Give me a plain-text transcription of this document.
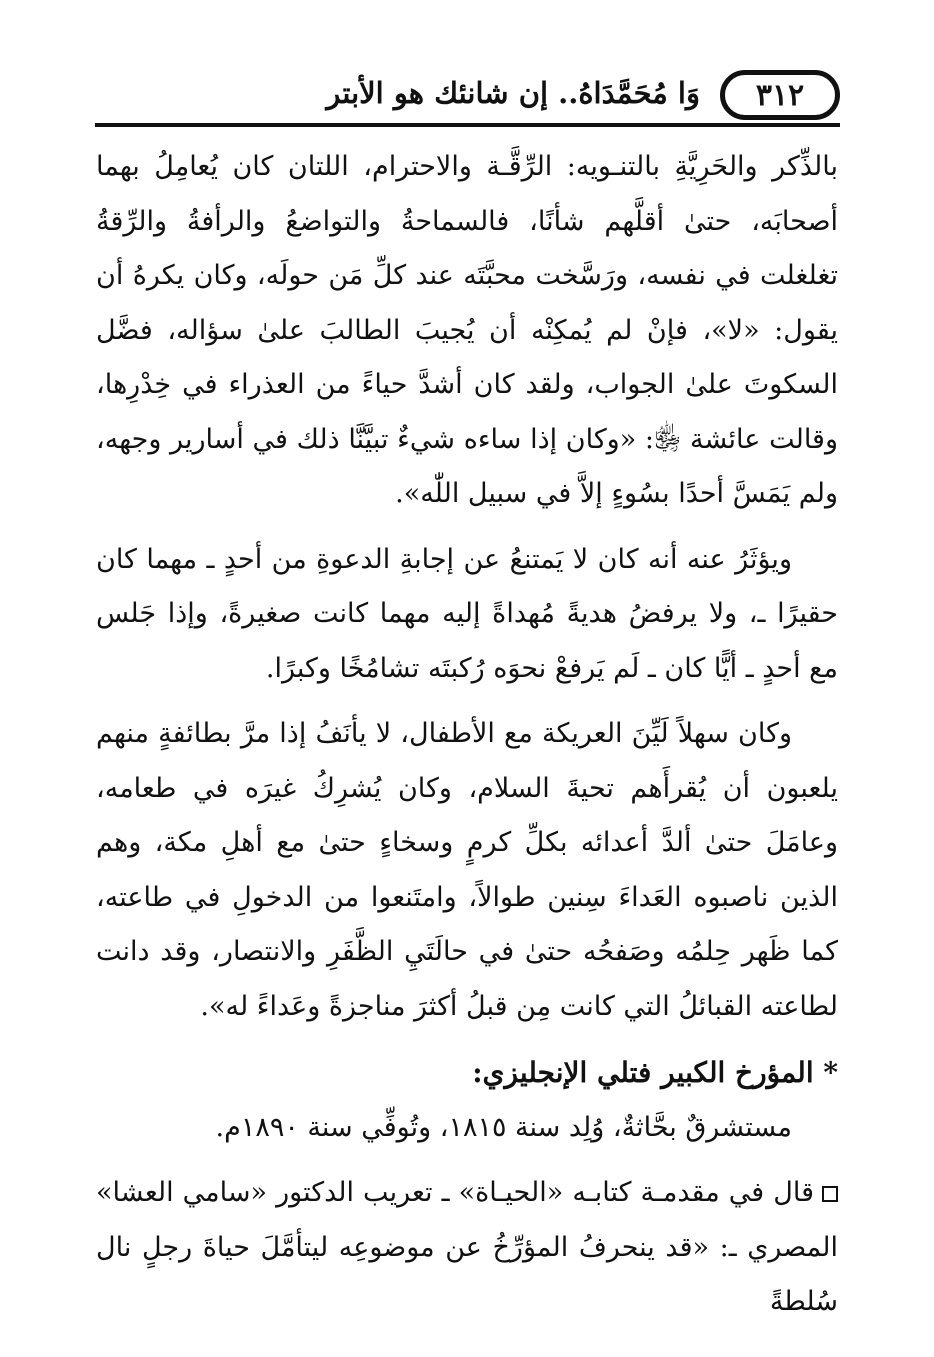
٣١٢
وَا مُحَمَّدَاهُ.. إن شانئك هو الأبتر

بالذِّكر والحَرِيَّةِ بالتنـويه: الرِّقَّـة والاحترام، اللتان كان يُعامِلُ بهما أصحابَه، حتىٰ أقلَّهم شأنًا، فالسماحةُ والتواضعُ والرأفةُ والرِّقةُ تغلغلت في نفسه، ورَسَّخت محبَّتَه عند كلِّ مَن حولَه، وكان يكرهُ أن يقول: «لا»، فإنْ لم يُمكِنْه أن يُجيبَ الطالبَ علىٰ سؤاله، فضَّل السكوتَ علىٰ الجواب، ولقد كان أشدَّ حياءً من العذراء في خِدْرِها، وقالت عائشة ﵂: «وكان إذا ساءه شيءٌ تبيَّنَّا ذلك في أسارير وجهه، ولم يَمَسَّ أحدًا بسُوءٍ إلاَّ في سبيل اللّٰه».

ويؤثَرُ عنه أنه كان لا يَمتنعُ عن إجابةِ الدعوةِ من أحدٍ ـ مهما كان حقيرًا ـ، ولا يرفضُ هديةً مُهداةً إليه مهما كانت صغيرةً، وإذا جَلس مع أحدٍ ـ أيًّا كان ـ لَم يَرفعْ نحوَه رُكبتَه تشامُخًا وكبرًا.

وكان سهلاً لَيِّنَ العريكة مع الأطفال، لا يأنَفُ إذا مرَّ بطائفةٍ منهم يلعبون أن يُقرأَهم تحيةَ السلام، وكان يُشرِكُ غيرَه في طعامه، وعامَلَ حتىٰ ألدَّ أعدائه بكلِّ كرمٍ وسخاءٍ حتىٰ مع أهلِ مكة، وهم الذين ناصبوه العَداءَ سِنين طوالاً، وامتَنعوا من الدخولِ في طاعته، كما ظَهر حِلمُه وصَفحُه حتىٰ في حالَتَيِ الظَّفَرِ والانتصار، وقد دانت لطاعته القبائلُ التي كانت مِن قبلُ أكثرَ مناجزةً وعَداءً له».

* المؤرخ الكبير فتلي الإنجليزي:

مستشرقٌ بحَّاثةٌ، وُلِد سنة ١٨١٥، وتُوفِّي سنة ١٨٩٠م.

قال في مقدمـة كتابـه «الحيـاة» ـ تعريب الدكتور «سامي العشا» المصري ـ: «قد ينحرفُ المؤرِّخُ عن موضوعِه ليتأمَّلَ حياةَ رجلٍ نال سُلطةً
